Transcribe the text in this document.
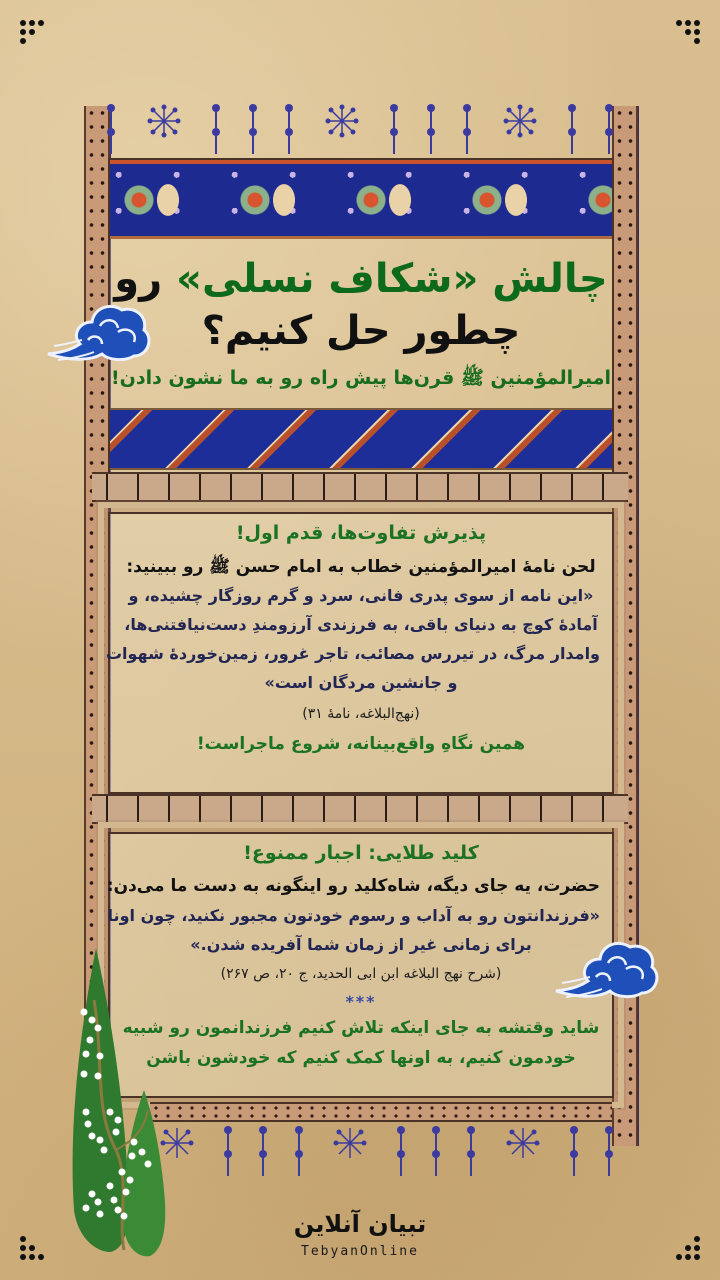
چالش «شکاف نسلی» رو
چطور حل کنیم؟
امیرالمؤمنین ﷺ قرن‌ها پیش راه رو به ما نشون دادن!
پذیرش تفاوت‌ها، قدم اول!
لحن نامهٔ امیرالمؤمنین خطاب به امام حسن ﷺ رو ببینید:
«این نامه از سوی پدری فانی، سرد و گرم روزگار چشیده، و
آمادهٔ کوچ به دنیای باقی، به فرزندی آرزومندِ دست‌نیافتنی‌ها،
وامدار مرگ، در تیررس مصائب، تاجر غرور، زمین‌خوردهٔ شهوات
و جانشین مردگان است»
(نهج‌البلاغه، نامهٔ ۳۱)
همین نگاهِ واقع‌بینانه، شروع ماجراست!
کلید طلایی: اجبار ممنوع!
حضرت، یه جای دیگه، شاه‌کلید رو اینگونه به دست ما می‌دن:
«فرزندانتون رو به آداب و رسوم خودتون مجبور نکنید، چون اونا
برای زمانی غیر از زمان شما آفریده شدن.»
(شرح نهج البلاغه ابن ابی الحدید، ج ۲۰، ص ۲۶۷)
***
شاید وقتشه به جای اینکه تلاش کنیم فرزندانمون رو شبیه
خودمون کنیم، به اونها کمک کنیم که خودشون باشن
تبیان آنلاین
TebyanOnline
